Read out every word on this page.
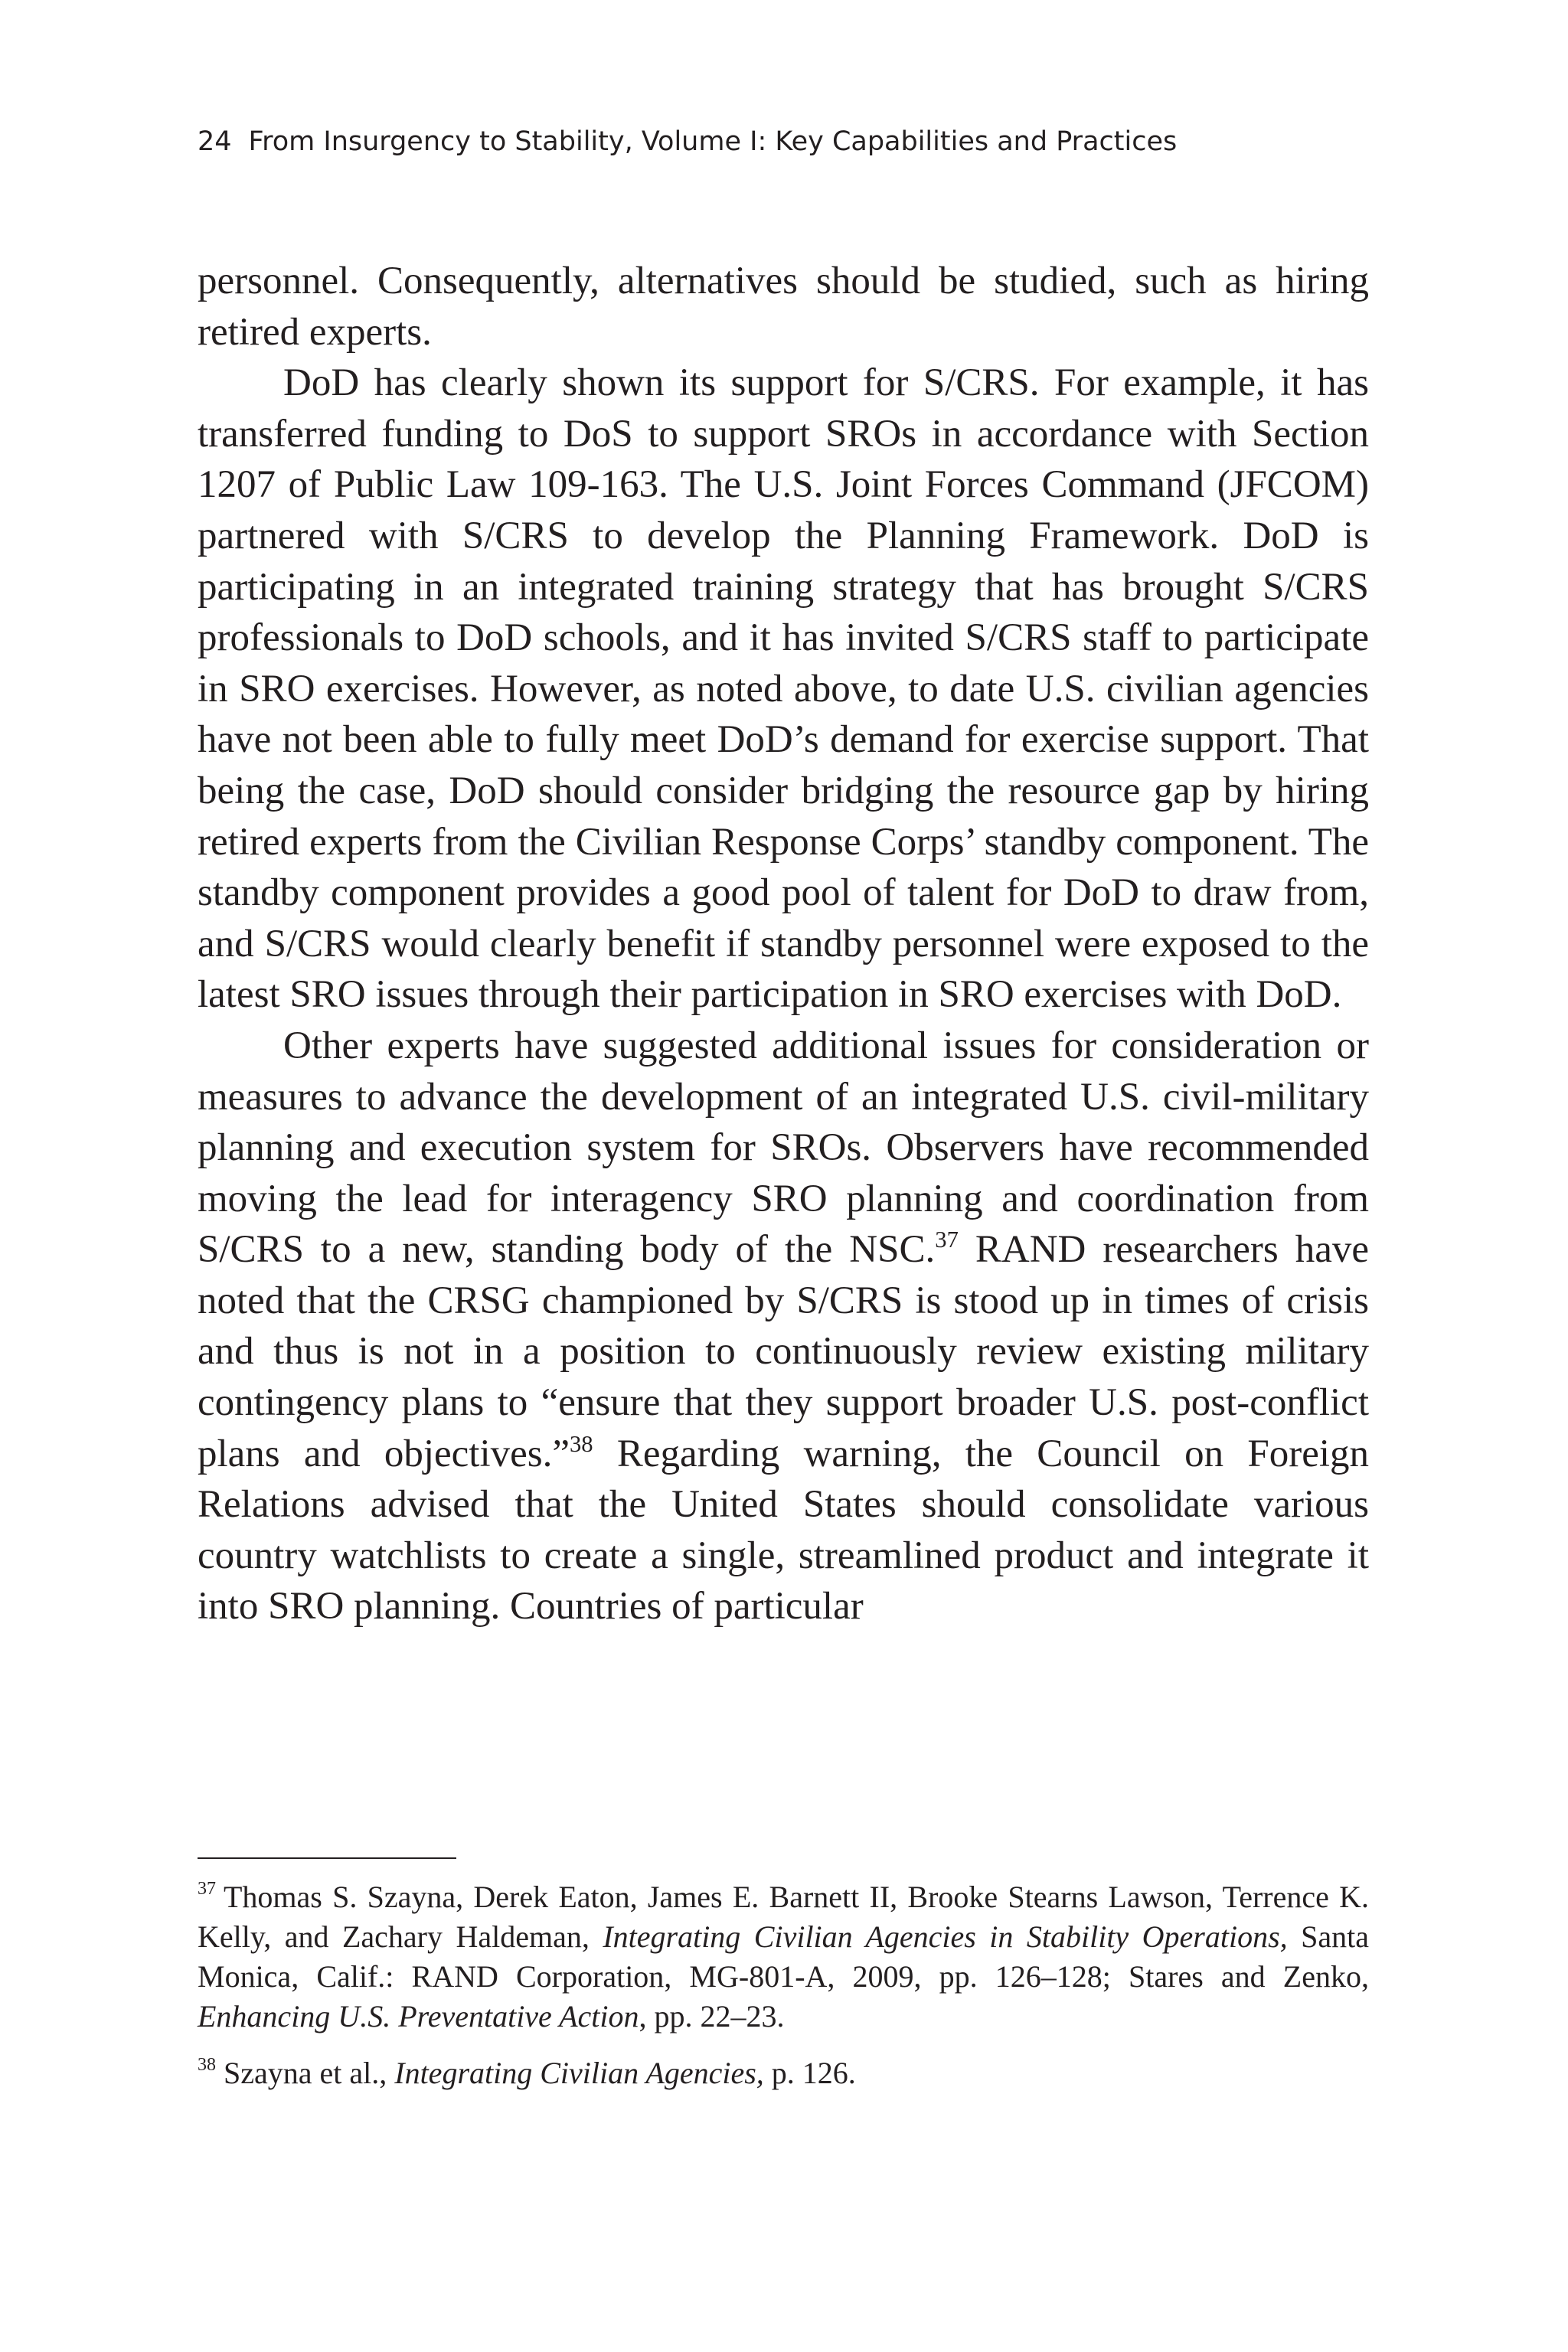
24 From Insurgency to Stability, Volume I: Key Capabilities and Practices

personnel. Consequently, alternatives should be studied, such as hiring retired experts.

DoD has clearly shown its support for S/CRS. For example, it has transferred funding to DoS to support SROs in accordance with Section 1207 of Public Law 109-163. The U.S. Joint Forces Command (JFCOM) partnered with S/CRS to develop the Planning Framework. DoD is participating in an integrated training strategy that has brought S/CRS professionals to DoD schools, and it has invited S/CRS staff to participate in SRO exercises. However, as noted above, to date U.S. civilian agencies have not been able to fully meet DoD’s demand for exercise support. That being the case, DoD should consider bridging the resource gap by hiring retired experts from the Civilian Response Corps’ standby component. The standby component provides a good pool of talent for DoD to draw from, and S/CRS would clearly benefit if standby personnel were exposed to the latest SRO issues through their participation in SRO exercises with DoD.

Other experts have suggested additional issues for consideration or measures to advance the development of an integrated U.S. civil-military planning and execution system for SROs. Observers have recommended moving the lead for interagency SRO planning and coordination from S/CRS to a new, standing body of the NSC.$^{37}$ RAND researchers have noted that the CRSG championed by S/CRS is stood up in times of crisis and thus is not in a position to continuously review existing military contingency plans to “ensure that they support broader U.S. post-conflict plans and objectives.”$^{38}$ Regarding warning, the Council on Foreign Relations advised that the United States should consolidate various country watchlists to create a single, streamlined product and integrate it into SRO planning. Countries of particular

$^{37}$ Thomas S. Szayna, Derek Eaton, James E. Barnett II, Brooke Stearns Lawson, Terrence K. Kelly, and Zachary Haldeman, Integrating Civilian Agencies in Stability Operations, Santa Monica, Calif.: RAND Corporation, MG-801-A, 2009, pp. 126–128; Stares and Zenko, Enhancing U.S. Preventative Action, pp. 22–23.

$^{38}$ Szayna et al., Integrating Civilian Agencies, p. 126.
